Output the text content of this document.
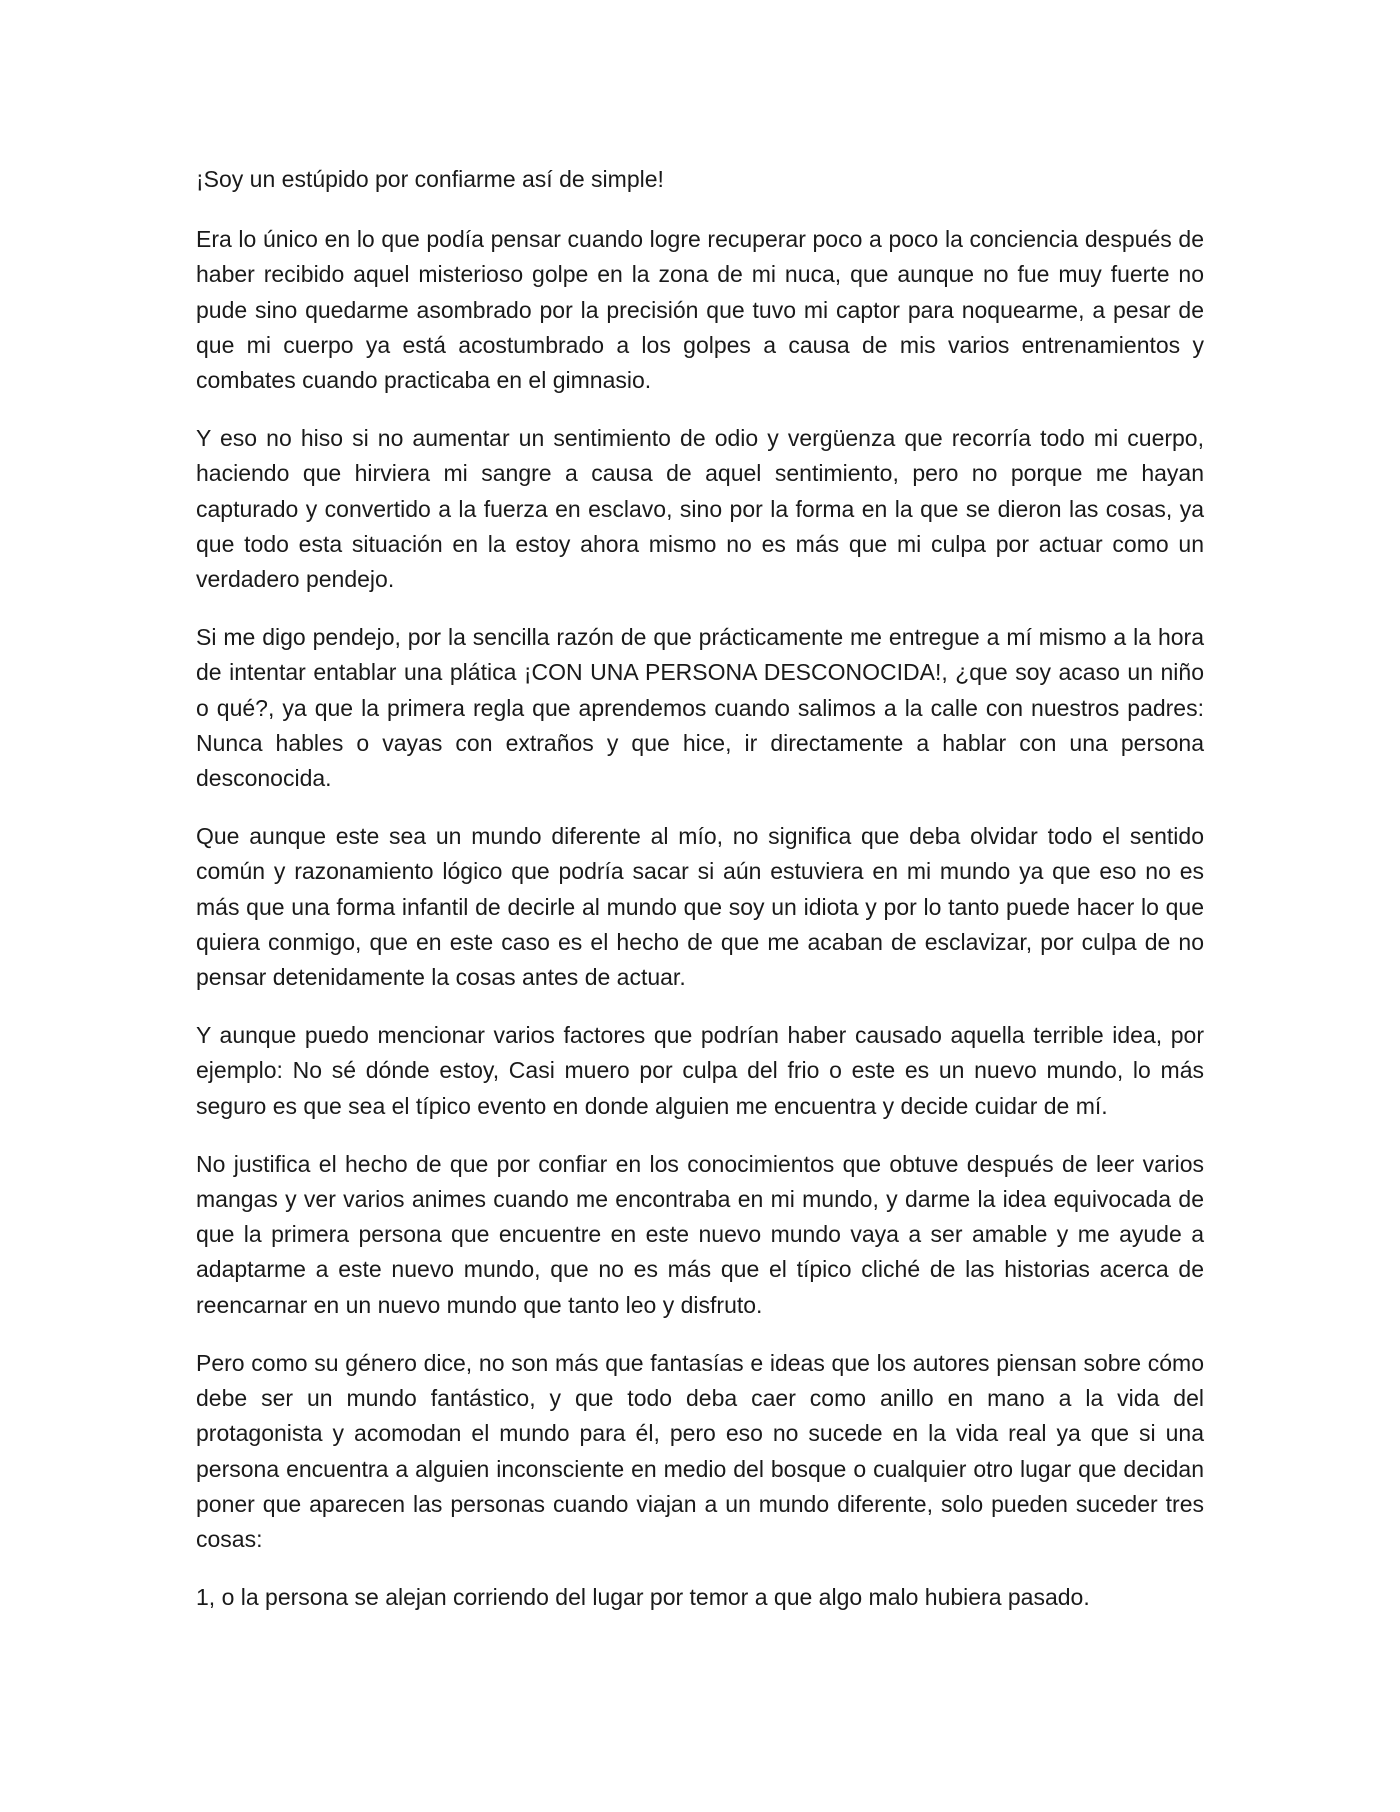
¡Soy un estúpido por confiarme así de simple!

Era lo único en lo que podía pensar cuando logre recuperar poco a poco la conciencia después de haber recibido aquel misterioso golpe en la zona de mi nuca, que aunque no fue muy fuerte no pude sino quedarme asombrado por la precisión que tuvo mi captor para noquearme, a pesar de que mi cuerpo ya está acostumbrado a los golpes a causa de mis varios entrenamientos y combates cuando practicaba en el gimnasio.

Y eso no hiso si no aumentar un sentimiento de odio y vergüenza que recorría todo mi cuerpo, haciendo que hirviera mi sangre a causa de aquel sentimiento, pero no porque me hayan capturado y convertido a la fuerza en esclavo, sino por la forma en la que se dieron las cosas, ya que todo esta situación en la estoy ahora mismo no es más que mi culpa por actuar como un verdadero pendejo.

Si me digo pendejo, por la sencilla razón de que prácticamente me entregue a mí mismo a la hora de intentar entablar una plática ¡CON UNA PERSONA DESCONOCIDA!, ¿que soy acaso un niño o qué?, ya que la primera regla que aprendemos cuando salimos a la calle con nuestros padres: Nunca hables o vayas con extraños y que hice, ir directamente a hablar con una persona desconocida.

Que aunque este sea un mundo diferente al mío, no significa que deba olvidar todo el sentido común y razonamiento lógico que podría sacar si aún estuviera en mi mundo ya que eso no es más que una forma infantil de decirle al mundo que soy un idiota y por lo tanto puede hacer lo que quiera conmigo, que en este caso es el hecho de que me acaban de esclavizar, por culpa de no pensar detenidamente la cosas antes de actuar.

Y aunque puedo mencionar varios factores que podrían haber causado aquella terrible idea, por ejemplo: No sé dónde estoy, Casi muero por culpa del frio o este es un nuevo mundo, lo más seguro es que sea el típico evento en donde alguien me encuentra y decide cuidar de mí.

No justifica el hecho de que por confiar en los conocimientos que obtuve después de leer varios mangas y ver varios animes cuando me encontraba en mi mundo, y darme la idea equivocada de que la primera persona que encuentre en este nuevo mundo vaya a ser amable y me ayude a adaptarme a este nuevo mundo, que no es más que el típico cliché de las historias acerca de reencarnar en un nuevo mundo que tanto leo y disfruto.

Pero como su género dice, no son más que fantasías e ideas que los autores piensan sobre cómo debe ser un mundo fantástico, y que todo deba caer como anillo en mano a la vida del protagonista y acomodan el mundo para él, pero eso no sucede en la vida real ya que si una persona encuentra a alguien inconsciente en medio del bosque o cualquier otro lugar que decidan poner que aparecen las personas cuando viajan a un mundo diferente, solo pueden suceder tres cosas:

1, o la persona se alejan corriendo del lugar por temor a que algo malo hubiera pasado.
